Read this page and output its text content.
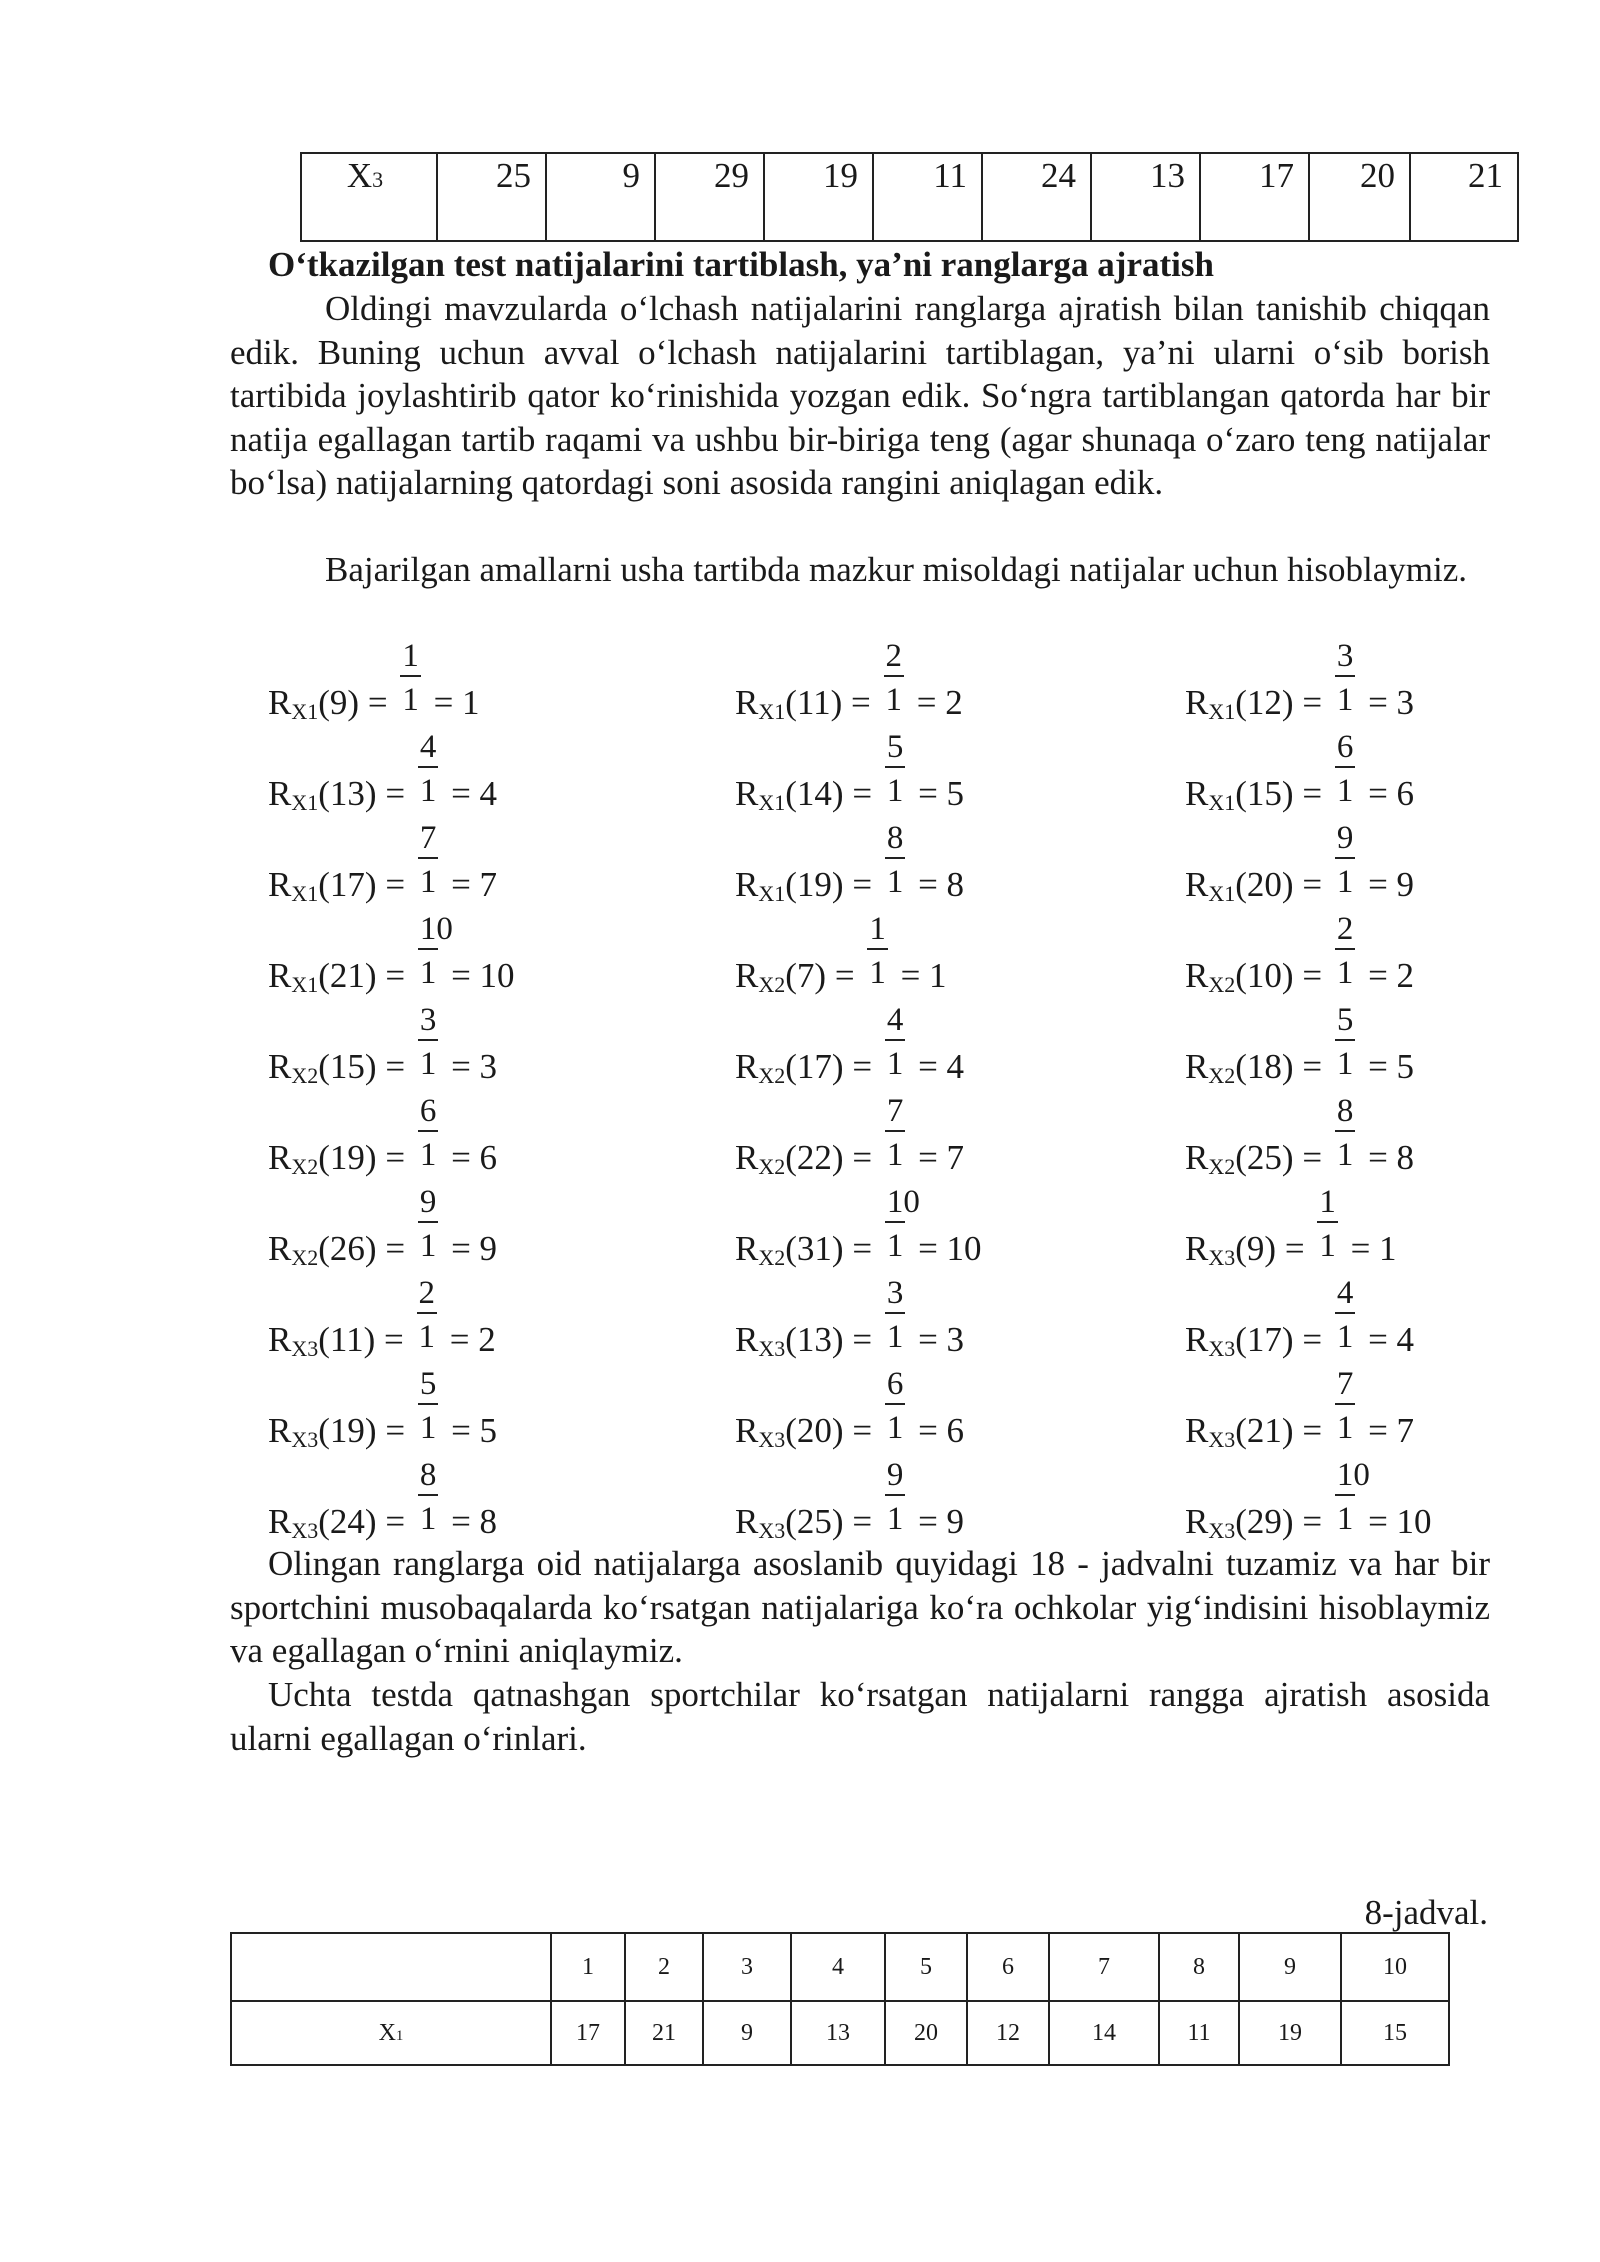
X3	25	9	29	19	11	24	13	17	20	21

O‘tkazilgan test natijalarini tartiblash, ya’ni ranglarga ajratish

Oldingi mavzularda o‘lchash natijalarini ranglarga ajratish bilan tanishib chiqqan edik. Buning uchun avval o‘lchash natijalarini tartiblagan, ya’ni ularni o‘sib borish tartibida joylashtirib qator ko‘rinishida yozgan edik. So‘ngra tartiblangan qatorda har bir natija egallagan tartib raqami va ushbu bir-biriga teng (agar shunaqa o‘zaro teng natijalar bo‘lsa) natijalarning qatordagi soni asosida rangini aniqlagan edik.

Bajarilgan amallarni usha tartibda mazkur misoldagi natijalar uchun hisoblaymiz.

$R_{X1}(9) = \frac{1}{1} = 1$	$R_{X1}(11) = \frac{2}{1} = 2$	$R_{X1}(12) = \frac{3}{1} = 3$
$R_{X1}(13) = \frac{4}{1} = 4$	$R_{X1}(14) = \frac{5}{1} = 5$	$R_{X1}(15) = \frac{6}{1} = 6$
$R_{X1}(17) = \frac{7}{1} = 7$	$R_{X1}(19) = \frac{8}{1} = 8$	$R_{X1}(20) = \frac{9}{1} = 9$
$R_{X1}(21) = \frac{10}{1} = 10$	$R_{X2}(7) = \frac{1}{1} = 1$	$R_{X2}(10) = \frac{2}{1} = 2$
$R_{X2}(15) = \frac{3}{1} = 3$	$R_{X2}(17) = \frac{4}{1} = 4$	$R_{X2}(18) = \frac{5}{1} = 5$
$R_{X2}(19) = \frac{6}{1} = 6$	$R_{X2}(22) = \frac{7}{1} = 7$	$R_{X2}(25) = \frac{8}{1} = 8$
$R_{X2}(26) = \frac{9}{1} = 9$	$R_{X2}(31) = \frac{10}{1} = 10$	$R_{X3}(9) = \frac{1}{1} = 1$
$R_{X3}(11) = \frac{2}{1} = 2$	$R_{X3}(13) = \frac{3}{1} = 3$	$R_{X3}(17) = \frac{4}{1} = 4$
$R_{X3}(19) = \frac{5}{1} = 5$	$R_{X3}(20) = \frac{6}{1} = 6$	$R_{X3}(21) = \frac{7}{1} = 7$
$R_{X3}(24) = \frac{8}{1} = 8$	$R_{X3}(25) = \frac{9}{1} = 9$	$R_{X3}(29) = \frac{10}{1} = 10$

Olingan ranglarga oid natijalarga asoslanib quyidagi 18 - jadvalni tuzamiz va har bir sportchini musobaqalarda ko‘rsatgan natijalariga ko‘ra ochkolar yig‘indisini hisoblaymiz va egallagan o‘rnini aniqlaymiz.

Uchta testda qatnashgan sportchilar ko‘rsatgan natijalarni rangga ajratish asosida ularni egallagan o‘rinlari.

8-jadval.

	1	2	3	4	5	6	7	8	9	10
X1	17	21	9	13	20	12	14	11	19	15
